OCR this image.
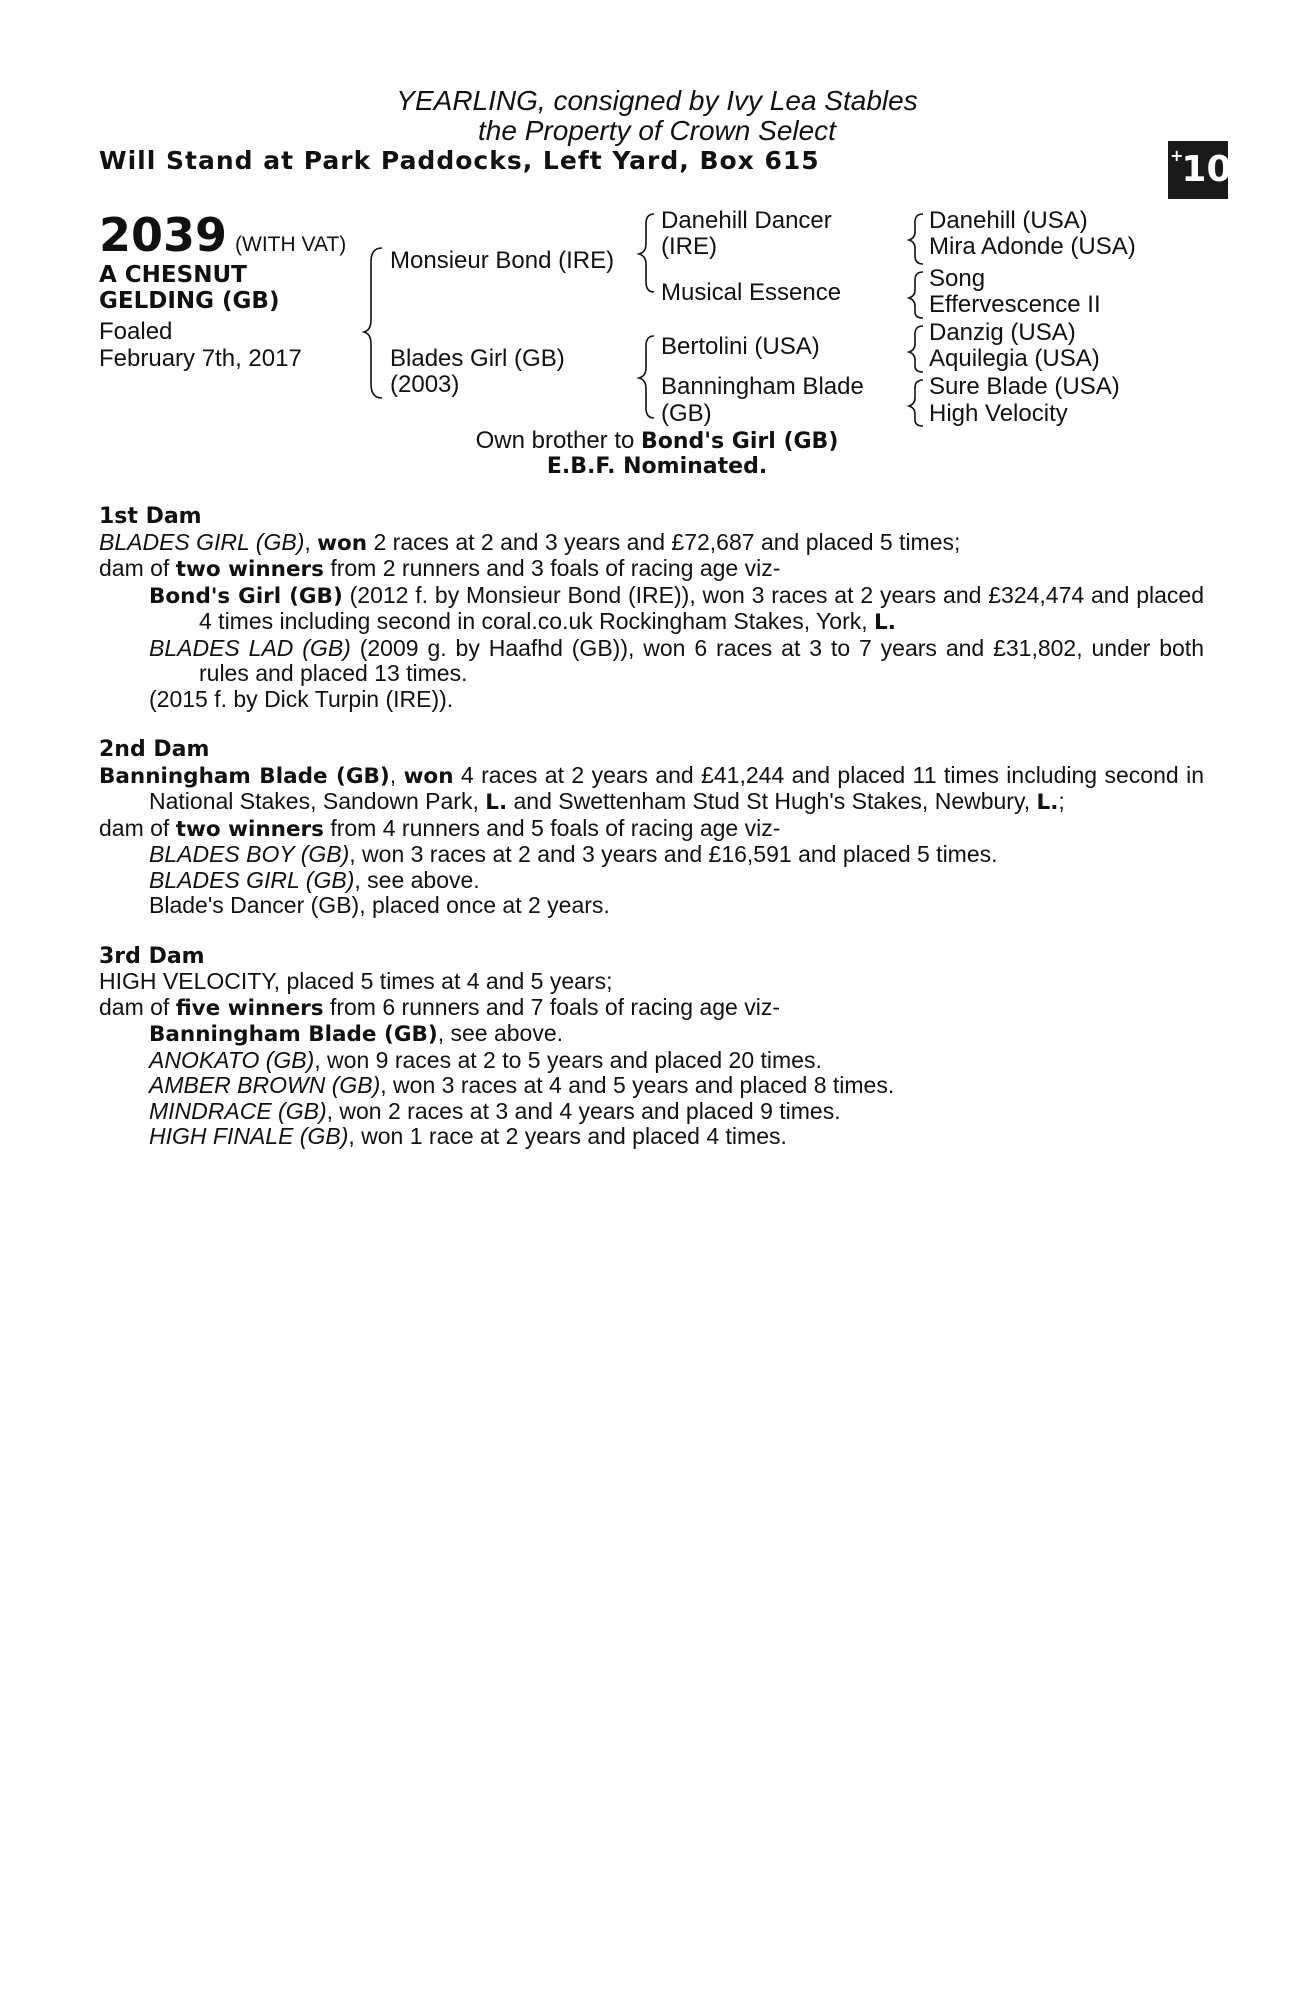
YEARLING, consigned by Ivy Lea Stables
the Property of Crown Select
Will Stand at Park Paddocks, Left Yard, Box 615	+10
2039 (WITH VAT)
A CHESNUT
GELDING (GB)
Foaled
February 7th, 2017
Monsieur Bond (IRE)
Blades Girl (GB)
(2003)
Danehill Dancer
(IRE)
Musical Essence
Bertolini (USA)
Banningham Blade
(GB)
Danehill (USA)
Mira Adonde (USA)
Song
Effervescence II
Danzig (USA)
Aquilegia (USA)
Sure Blade (USA)
High Velocity
Own brother to Bond's Girl (GB)
E.B.F. Nominated.

1st Dam

BLADES GIRL (GB), won 2 races at 2 and 3 years and £72,687 and placed 5 times;

dam of two winners from 2 runners and 3 foals of racing age viz-

Bond's Girl (GB) (2012 f. by Monsieur Bond (IRE)), won 3 races at 2 years and £324,474 and placed 4 times including second in coral.co.uk Rockingham Stakes, York, L.

BLADES LAD (GB) (2009 g. by Haafhd (GB)), won 6 races at 3 to 7 years and £31,802, under both rules and placed 13 times.

(2015 f. by Dick Turpin (IRE)).

2nd Dam

Banningham Blade (GB), won 4 races at 2 years and £41,244 and placed 11 times including second in National Stakes, Sandown Park, L. and Swettenham Stud St Hugh's Stakes, Newbury, L.;

dam of two winners from 4 runners and 5 foals of racing age viz-

BLADES BOY (GB), won 3 races at 2 and 3 years and £16,591 and placed 5 times.

BLADES GIRL (GB), see above.

Blade's Dancer (GB), placed once at 2 years.

3rd Dam

HIGH VELOCITY, placed 5 times at 4 and 5 years;

dam of five winners from 6 runners and 7 foals of racing age viz-

Banningham Blade (GB), see above.

ANOKATO (GB), won 9 races at 2 to 5 years and placed 20 times.

AMBER BROWN (GB), won 3 races at 4 and 5 years and placed 8 times.

MINDRACE (GB), won 2 races at 3 and 4 years and placed 9 times.

HIGH FINALE (GB), won 1 race at 2 years and placed 4 times.
